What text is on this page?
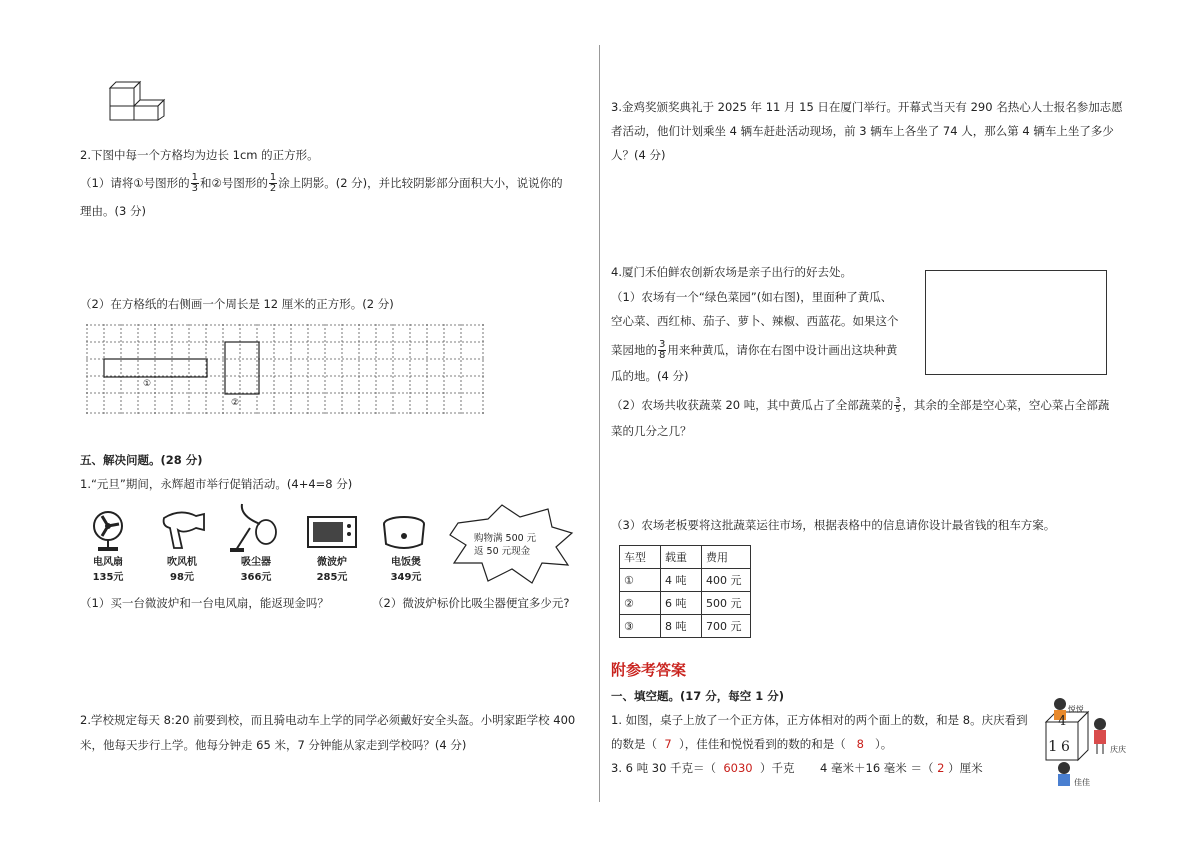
2.下图中每一个方格均为边长 1cm 的正方形。
（1）请将①号图形的 $\frac{1}{3}$ 和②号图形的 $\frac{1}{2}$ 涂上阴影。(2 分)，并比较阴影部分面积大小，说说你的
理由。(3 分)
（2）在方格纸的右侧画一个周长是 12 厘米的正方形。(2 分)
①
②
五、解决问题。(28 分)
1.“元旦”期间，永辉超市举行促销活动。(4+4=8 分)
电风扇
135元
吹风机
98元
吸尘器
366元
微波炉
285元
电饭煲
349元
购物满 500 元
返 50 元现金
（1）买一台微波炉和一台电风扇，能返现金吗？	（2）微波炉标价比吸尘器便宜多少元?
2.学校规定每天 8:20 前要到校，而且骑电动车上学的同学必须戴好安全头盔。小明家距学校 400
米，他每天步行上学。他每分钟走 65 米，7 分钟能从家走到学校吗？(4 分)
3.金鸡奖颁奖典礼于 2025 年 11 月 15 日在厦门举行。开幕式当天有 290 名热心人士报名参加志愿
者活动，他们计划乘坐 4 辆车赶赴活动现场，前 3 辆车上各坐了 74 人，那么第 4 辆车上坐了多少
人？(4 分)
4.厦门禾伯鲜农创新农场是亲子出行的好去处。
（1）农场有一个“绿色菜园”(如右图)，里面种了黄瓜、
空心菜、西红柿、茄子、萝卜、辣椒、西蓝花。如果这个
菜园地的 $\frac{3}{8}$ 用来种黄瓜，请你在右图中设计画出这块种黄
瓜的地。(4 分)
（2）农场共收获蔬菜 20 吨，其中黄瓜占了全部蔬菜的 $\frac{3}{5}$ ，其余的全部是空心菜，空心菜占全部蔬
菜的几分之几？
（3）农场老板要将这批蔬菜运往市场，根据表格中的信息请你设计最省钱的租车方案。
车型	载重	费用
①	4 吨	400 元
②	6 吨	500 元
③	8 吨	700 元
附参考答案
一、填空题。(17 分，每空 1 分)
1. 如图，桌子上放了一个正方体，正方体相对的两个面上的数，和是 8。庆庆看到
的数是（ 7 ），佳佳和悦悦看到的数的和是（ 8 ）。
3. 6 吨 30 千克＝（ 6030 ）千克 4 毫米＋16 毫米 ＝（ 2 ）厘米
4
1 6
悦悦
庆庆
佳佳
